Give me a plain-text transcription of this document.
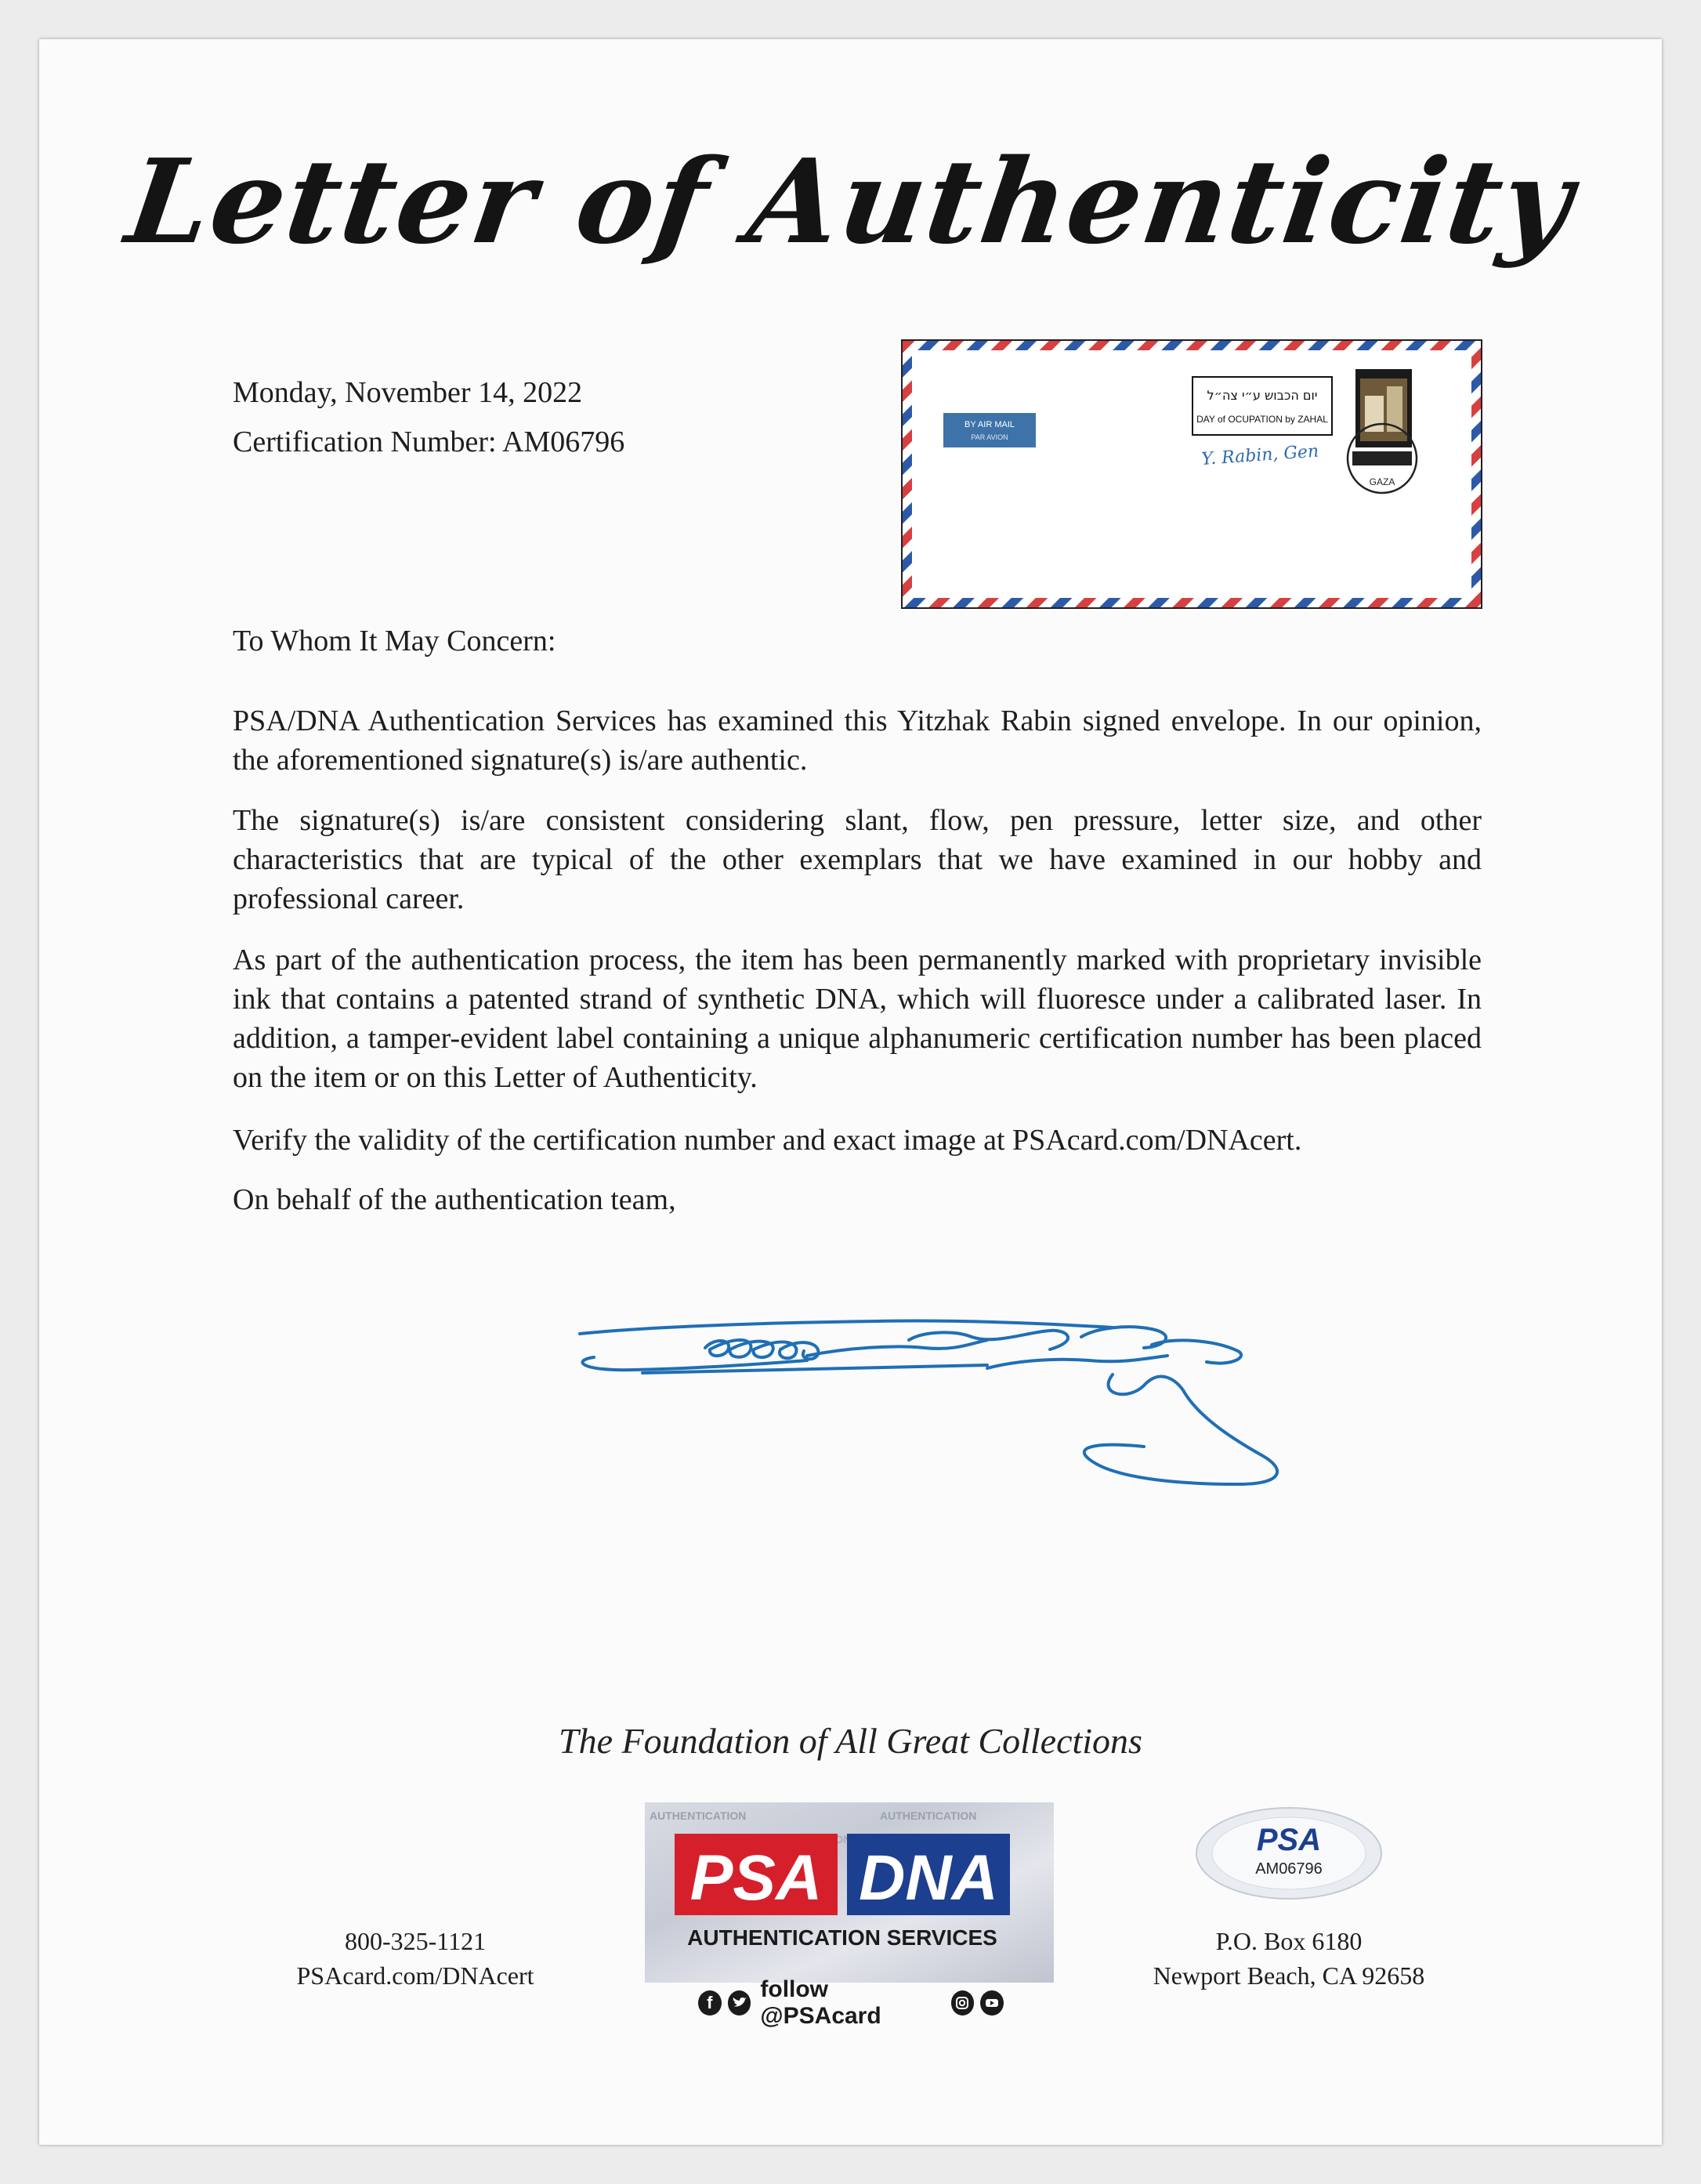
Letter of Authenticity

Monday, November 14, 2022

Certification Number: AM06796

BY AIR MAIL
PAR AVION
יום הכבוש ע״י צה״ל
DAY of OCUPATION by ZAHAL
Y. Rabin, Gen
GAZA

To Whom It May Concern:

PSA/DNA Authentication Services has examined this Yitzhak Rabin signed envelope. In our opinion, the aforementioned signature(s) is/are authentic.

The signature(s) is/are consistent considering slant, flow, pen pressure, letter size, and other characteristics that are typical of the other exemplars that we have examined in our hobby and professional career.

As part of the authentication process, the item has been permanently marked with proprietary invisible ink that contains a patented strand of synthetic DNA, which will fluoresce under a calibrated laser. In addition, a tamper-evident label containing a unique alphanumeric certification number has been placed on the item or on this Letter of Authenticity.

Verify the validity of the certification number and exact image at PSAcard.com/DNAcert.

On behalf of the authentication team,

The Foundation of All Great Collections
800-325-1121
PSAcard.com/DNAcert
AUTHENTICATION	AUTHENTICATION
PSA DNA
AUTHENTICATION SERVICES
f
follow @PSAcard
PSA
AM06796
P.O. Box 6180
Newport Beach, CA 92658
